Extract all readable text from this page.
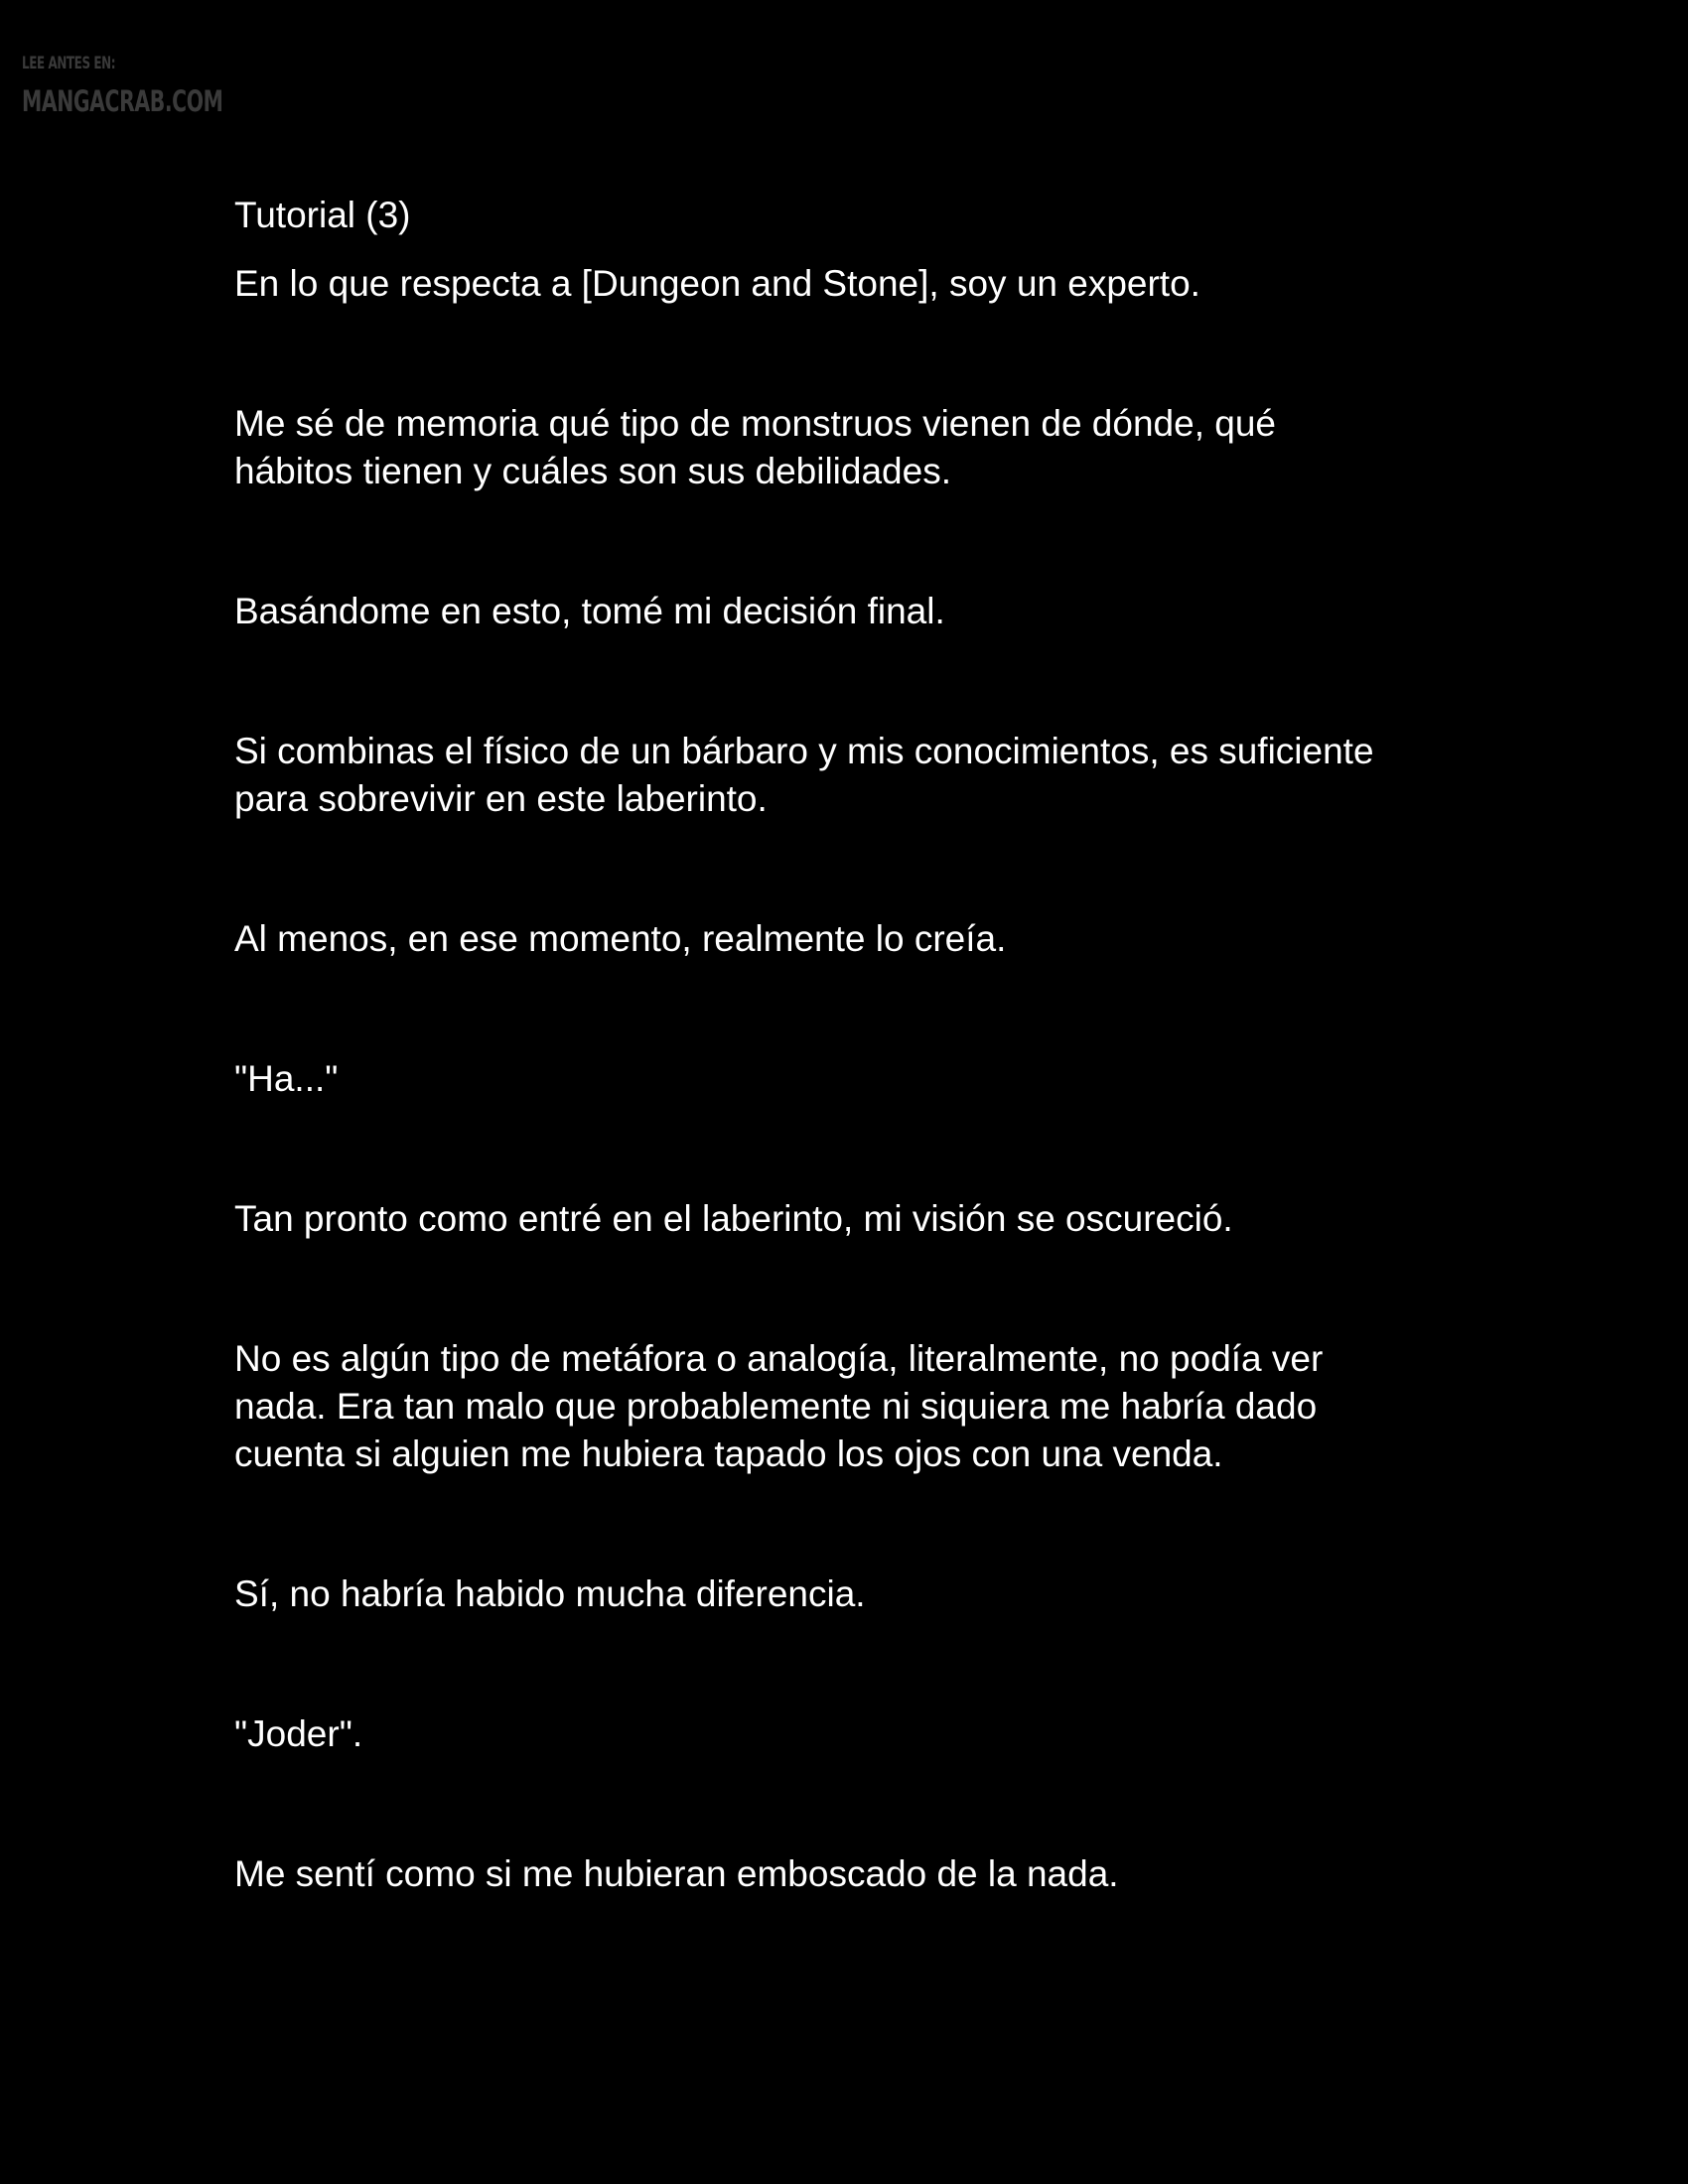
LEE ANTES EN:
MANGACRAB.COM
Tutorial (3)

En lo que respecta a [Dungeon and Stone], soy un experto.

Me sé de memoria qué tipo de monstruos vienen de dónde, qué
hábitos tienen y cuáles son sus debilidades.

Basándome en esto, tomé mi decisión final.

Si combinas el físico de un bárbaro y mis conocimientos, es suficiente
para sobrevivir en este laberinto.

Al menos, en ese momento, realmente lo creía.

"Ha..."

Tan pronto como entré en el laberinto, mi visión se oscureció.

No es algún tipo de metáfora o analogía, literalmente, no podía ver
nada. Era tan malo que probablemente ni siquiera me habría dado
cuenta si alguien me hubiera tapado los ojos con una venda.

Sí, no habría habido mucha diferencia.

"Joder".

Me sentí como si me hubieran emboscado de la nada.
